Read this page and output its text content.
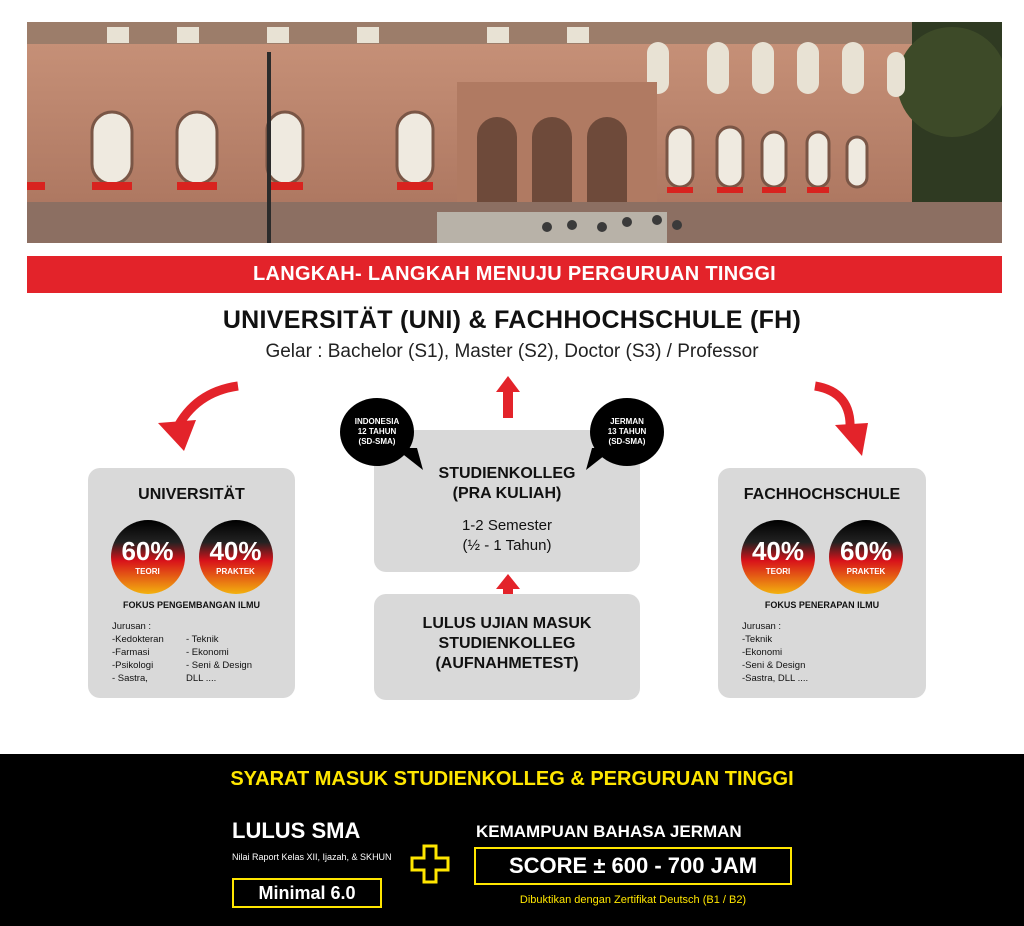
LANGKAH- LANGKAH MENUJU PERGURUAN TINGGI
UNIVERSITÄT (UNI) & FACHHOCHSCHULE (FH)
Gelar : Bachelor (S1), Master (S2), Doctor (S3) / Professor
UNIVERSITÄT
60%
TEORI
40%
PRAKTEK
FOKUS PENGEMBANGAN ILMU
Jurusan :
-Kedokteran
-Farmasi
-Psikologi
- Sastra,
- Teknik
- Ekonomi
- Seni & Design
DLL ....
STUDIENKOLLEG
(PRA KULIAH)
1-2 Semester
(½ - 1 Tahun)
LULUS UJIAN MASUK
STUDIENKOLLEG
(AUFNAHMETEST)
INDONESIA
12 TAHUN
(SD-SMA)
JERMAN
13 TAHUN
(SD-SMA)
FACHHOCHSCHULE
40%
TEORI
60%
PRAKTEK
FOKUS PENERAPAN ILMU
Jurusan :
-Teknik
-Ekonomi
-Seni & Design
-Sastra, DLL ....
SYARAT MASUK STUDIENKOLLEG & PERGURUAN TINGGI
LULUS SMA
Nilai Raport Kelas XII, Ijazah, & SKHUN
Minimal 6.0
KEMAMPUAN BAHASA JERMAN
SCORE ± 600 - 700 JAM
Dibuktikan dengan Zertifikat Deutsch (B1 / B2)
